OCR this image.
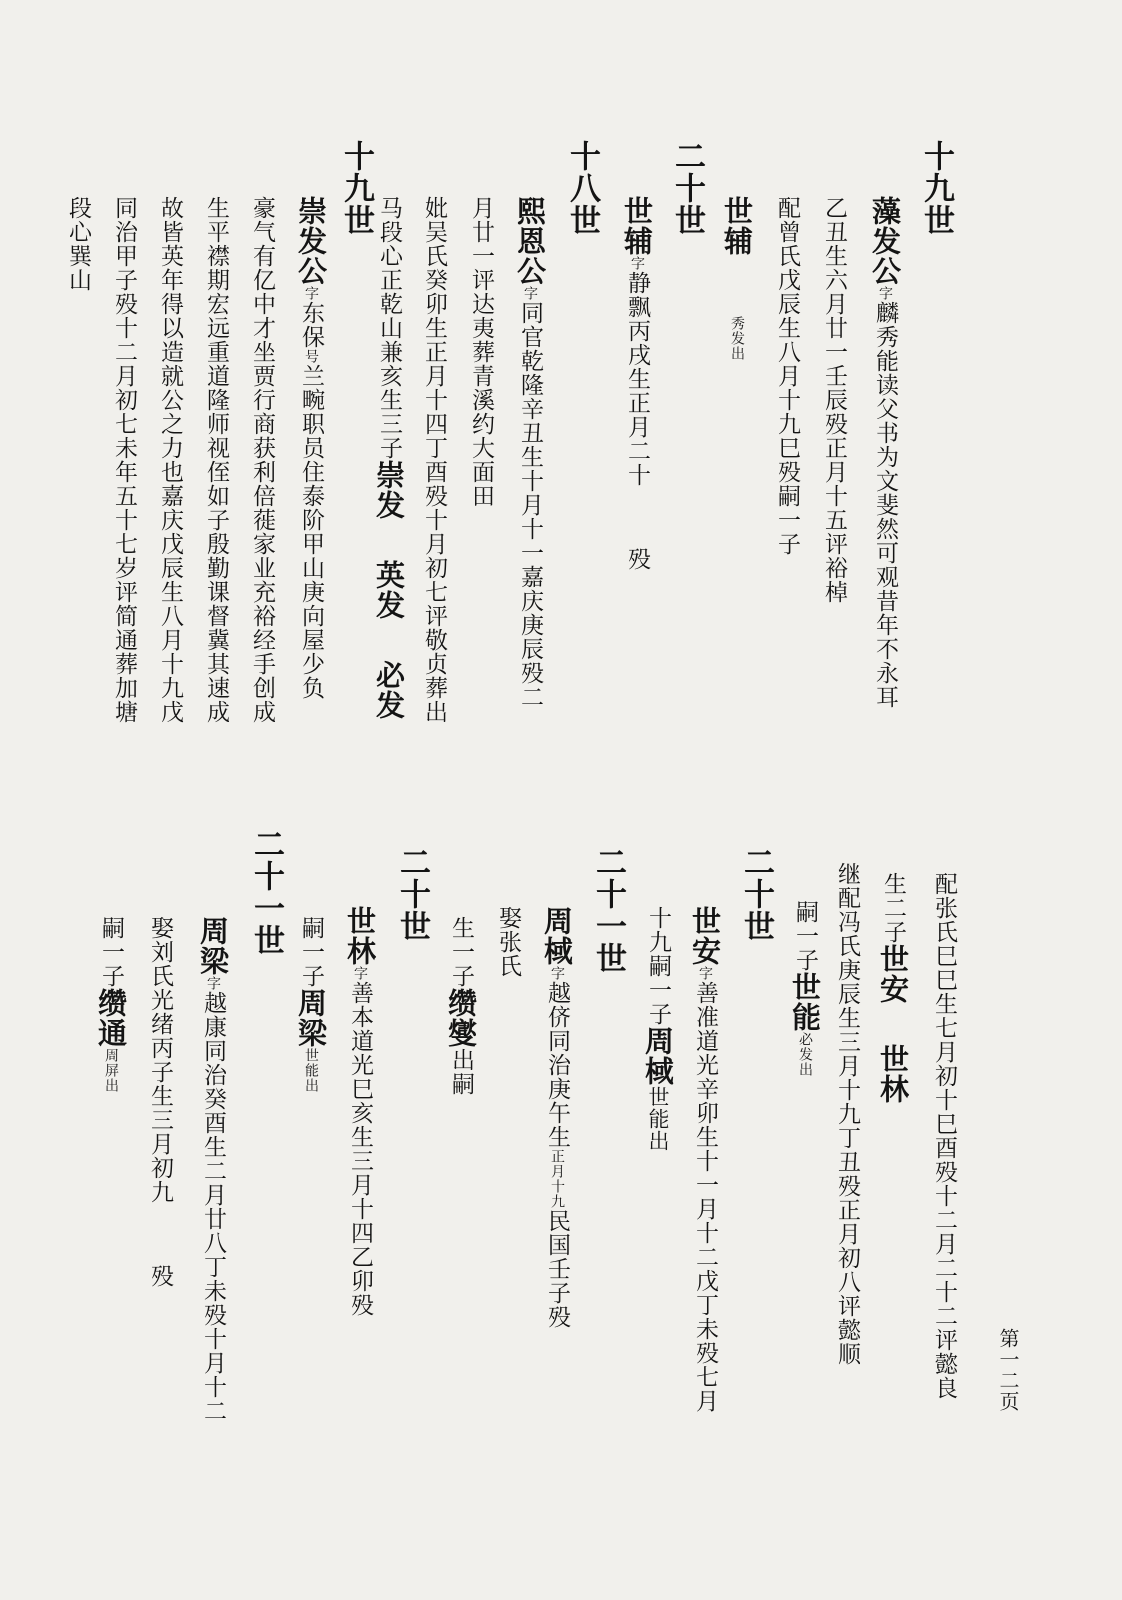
十九世
藻发公字麟秀能读父书为文斐然可观昔年不永耳
乙丑生六月廿一壬辰殁正月十五评裕棹
配曾氏戊辰生八月十九巳殁嗣一子
世辅秀发出
二十世
世辅字静飘丙戌生正月二十殁
十八世
熙恩公字同官乾隆辛丑生十月十一嘉庆庚辰殁二
月廿一评达夷葬青溪约大面田
妣吴氏癸卯生正月十四丁酉殁十月初七评敬贞葬出
马段心正乾山兼亥生三子崇发英发必发
十九世
崇发公字东保号兰畹职员住泰阶甲山庚向屋少负
豪气有亿中才坐贾行商获利倍蓰家业充裕经手创成
生平襟期宏远重道隆师视侄如子殷勤课督冀其速成
故皆英年得以造就公之力也嘉庆戊辰生八月十九戊
同治甲子殁十二月初七未年五十七岁评简通葬加塘
段心巽山
配张氏巳巳生七月初十巳酉殁十二月二十二评懿良
生二子世安世林
继配冯氏庚辰生三月十九丁丑殁正月初八评懿顺
嗣一子世能必发出
二十世
世安字善准道光辛卯生十一月十二戊丁未殁七月
十九嗣一子周棫世能出
二十一世
周棫字越侪同治庚午生正月十九民国壬子殁
娶张氏
生一子缵燮出嗣
二十世
世林字善本道光巳亥生三月十四乙卯殁
嗣一子周梁世能出
二十一世
周梁字越康同治癸酉生二月廿八丁未殁十月十二
娶刘氏光绪丙子生三月初九殁
嗣一子缵通周屏出
第一二页
